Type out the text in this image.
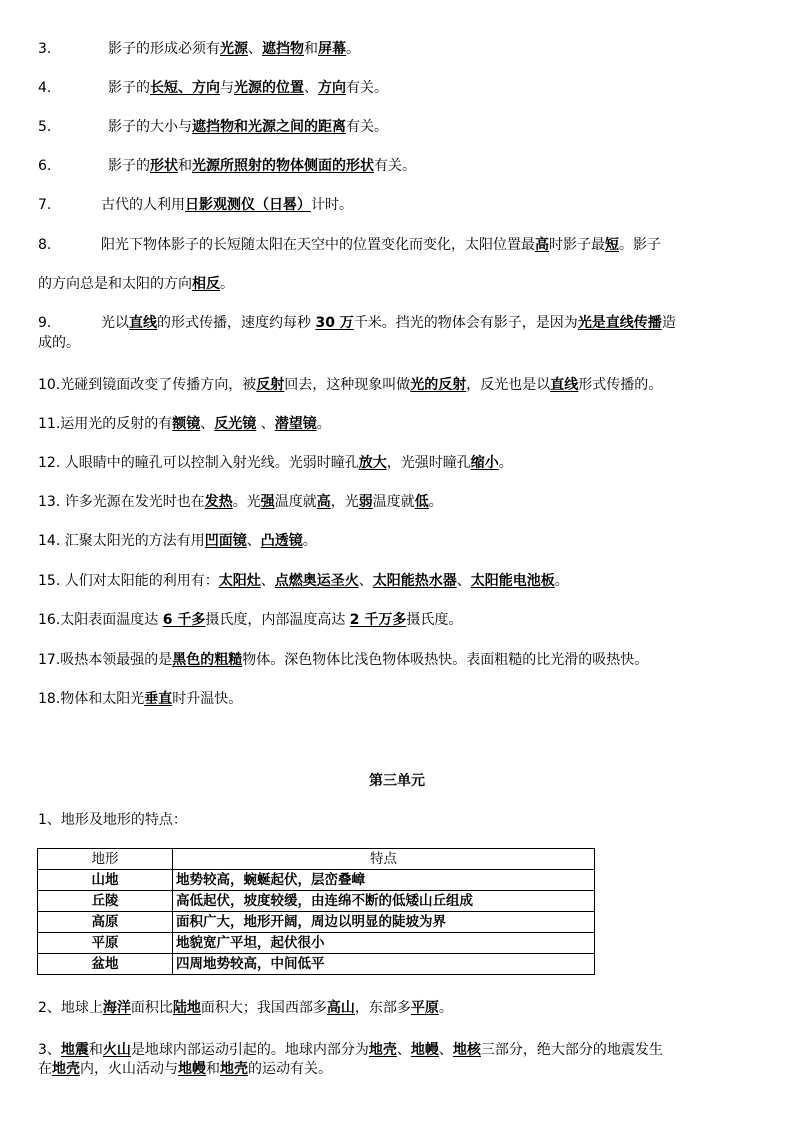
第三单元
地形	特点
山地	地势较高，蜿蜒起伏，层峦叠嶂
丘陵	高低起伏，坡度较缓，由连绵不断的低矮山丘组成
高原	面积广大，地形开阔，周边以明显的陡坡为界
平原	地貌宽广平坦，起伏很小
盆地	四周地势较高，中间低平
3.	影子的形成必须有光源、遮挡物和屏幕。
4.	影子的长短、方向与光源的位置、方向有关。
5.	影子的大小与遮挡物和光源之间的距离有关。
6.	影子的形状和光源所照射的物体侧面的形状有关。
7.	古代的人利用日影观测仪（日晷）计时。
8.	阳光下物体影子的长短随太阳在天空中的位置变化而变化，太阳位置最高时影子最短。影子
的方向总是和太阳的方向相反。
9.	光以直线的形式传播，速度约每秒 30 万千米。挡光的物体会有影子，是因为光是直线传播造
成的。
10.光碰到镜面改变了传播方向，被反射回去，这种现象叫做光的反射，反光也是以直线形式传播的。
11.运用光的反射的有额镜、反光镜 、潜望镜。
12. 人眼睛中的瞳孔可以控制入射光线。光弱时瞳孔放大，光强时瞳孔缩小。
13. 许多光源在发光时也在发热。光强温度就高，光弱温度就低。
14. 汇聚太阳光的方法有用凹面镜、凸透镜。
15. 人们对太阳能的利用有：太阳灶、点燃奥运圣火、太阳能热水器、太阳能电池板。
16.太阳表面温度达 6 千多摄氏度，内部温度高达 2 千万多摄氏度。
17.吸热本领最强的是黑色的粗糙物体。深色物体比浅色物体吸热快。表面粗糙的比光滑的吸热快。
18.物体和太阳光垂直时升温快。
1、地形及地形的特点：
2、地球上海洋面积比陆地面积大；我国西部多高山，东部多平原。
3、地震和火山是地球内部运动引起的。地球内部分为地壳、地幔、地核三部分，绝大部分的地震发生
在地壳内，火山活动与地幔和地壳的运动有关。
